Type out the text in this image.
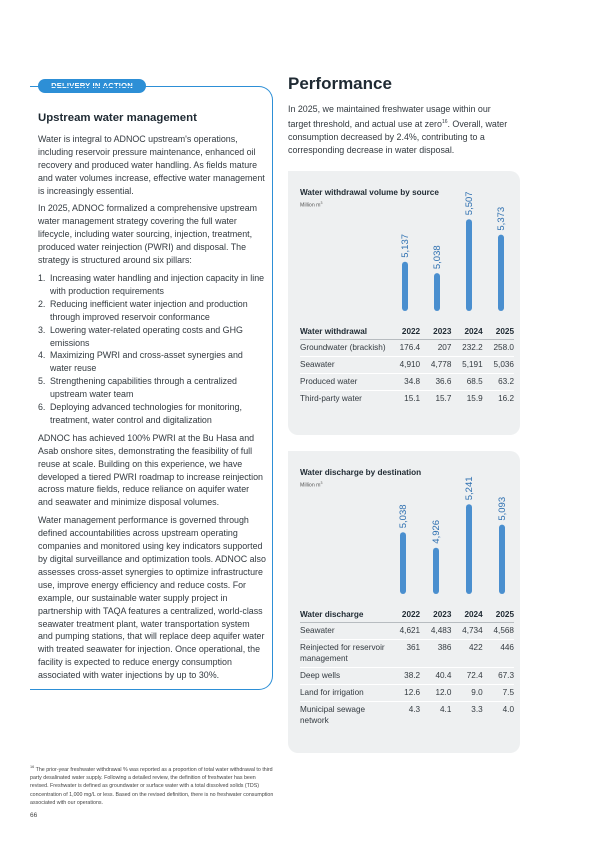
DELIVERY IN ACTION
Upstream water management

Water is integral to ADNOC upstream's operations, including reservoir pressure maintenance, enhanced oil recovery and produced water handling. As fields mature and water volumes increase, effective water management is increasingly essential.

In 2025, ADNOC formalized a comprehensive upstream water management strategy covering the full water lifecycle, including water sourcing, injection, treatment, produced water reinjection (PWRI) and disposal. The strategy is structured around six pillars:

1. Increasing water handling and injection capacity in line with production requirements
2. Reducing inefficient water injection and production through improved reservoir conformance
3. Lowering water-related operating costs and GHG emissions
4. Maximizing PWRI and cross-asset synergies and water reuse
5. Strengthening capabilities through a centralized upstream water team
6. Deploying advanced technologies for monitoring, treatment, water control and digitalization

ADNOC has achieved 100% PWRI at the Bu Hasa and Asab onshore sites, demonstrating the feasibility of full reuse at scale. Building on this experience, we have developed a tiered PWRI roadmap to increase reinjection across mature fields, reduce reliance on aquifer water and seawater and minimize disposal volumes.

Water management performance is governed through defined accountabilities across upstream operating companies and monitored using key indicators supported by digital surveillance and optimization tools. ADNOC also assesses cross-asset synergies to optimize infrastructure use, improve energy efficiency and reduce costs. For example, our sustainable water supply project in partnership with TAQA features a centralized, world-class seawater treatment plant, water transportation system and pumping stations, that will replace deep aquifer water with treated seawater for injection. Once operational, the facility is expected to reduce energy consumption associated with water injections by up to 30%.

Performance
In 2025, we maintained freshwater usage within our target threshold, and actual use at zero$^{16}$. Overall, water consumption decreased by 2.4%, contributing to a corresponding decrease in water disposal.
Water withdrawal volume by source
Million $m^3$
5,137 5,038
5,507
5,373
Water withdrawal	2022	2023	2024	2025
Groundwater (brackish)	176.4	207	232.2	258.0
Seawater	4,910	4,778	5,191	5,036
Produced water	34.8	36.6	68.5	63.2
Third-party water	15.1	15.7	15.9	16.2
Water discharge by destination
Million $m^3$
5,038
4,926
5,241
5,093
Water discharge	2022	2023	2024	2025
Seawater	4,621	4,483	4,734	4,568
Reinjected for reservoir management	361	386	422	446
Deep wells	38.2	40.4	72.4	67.3
Land for irrigation	12.6	12.0	9.0	7.5
Municipal sewage network	4.3	4.1	3.3	4.0
$^{16}$ The prior-year freshwater withdrawal % was reported as a proportion of total water withdrawal to third party desalinated water supply. Following a detailed review, the definition of freshwater has been revised. Freshwater is defined as groundwater or surface water with a total dissolved solids (TDS) concentration of 1,000 mg/L or less. Based on the revised definition, there is no freshwater consumption associated with our operations.
66
